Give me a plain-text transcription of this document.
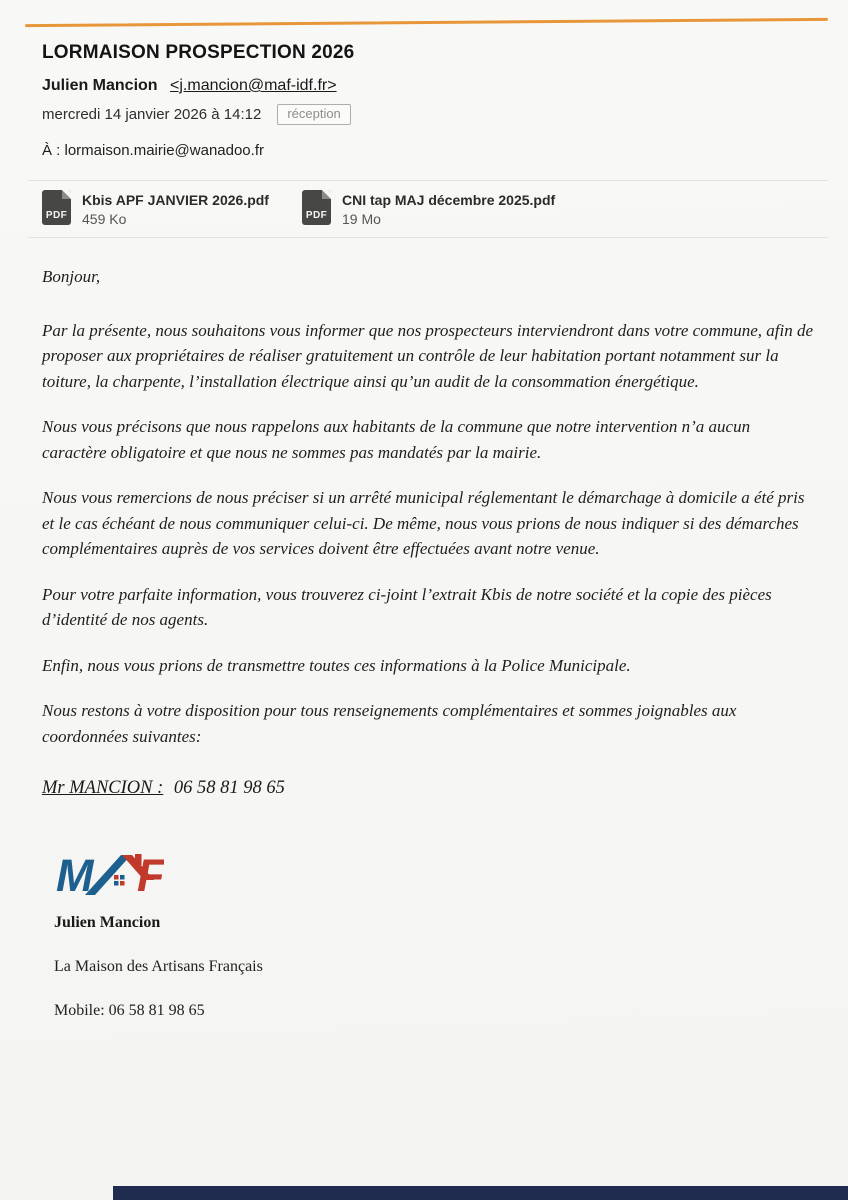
LORMAISON PROSPECTION 2026
Julien Mancion <j.mancion@maf-idf.fr>
mercredi 14 janvier 2026 à 14:12	réception
À : lormaison.mairie@wanadoo.fr
PDF
Kbis APF JANVIER 2026.pdf
459 Ko	PDF
CNI tap MAJ décembre 2025.pdf
19 Mo

Bonjour,

Par la présente, nous souhaitons vous informer que nos prospecteurs interviendront dans votre commune, afin de proposer aux propriétaires de réaliser gratuitement un contrôle de leur habitation portant notamment sur la toiture, la charpente, l’installation électrique ainsi qu’un audit de la consommation énergétique.

Nous vous précisons que nous rappelons aux habitants de la commune que notre intervention n’a aucun caractère obligatoire et que nous ne sommes pas mandatés par la mairie.

Nous vous remercions de nous préciser si un arrêté municipal réglementant le démarchage à domicile a été pris et le cas échéant de nous communiquer celui-ci. De même, nous vous prions de nous indiquer si des démarches complémentaires auprès de vos services doivent être effectuées avant notre venue.

Pour votre parfaite information, vous trouverez ci-joint l’extrait Kbis de notre société et la copie des pièces d’identité de nos agents.

Enfin, nous vous prions de transmettre toutes ces informations à la Police Municipale.

Nous restons à votre disposition pour tous renseignements complémentaires et sommes joignables aux coordonnées suivantes:

Mr MANCION : 06 58 81 98 65
M F

Julien Mancion

La Maison des Artisans Français

Mobile: 06 58 81 98 65
